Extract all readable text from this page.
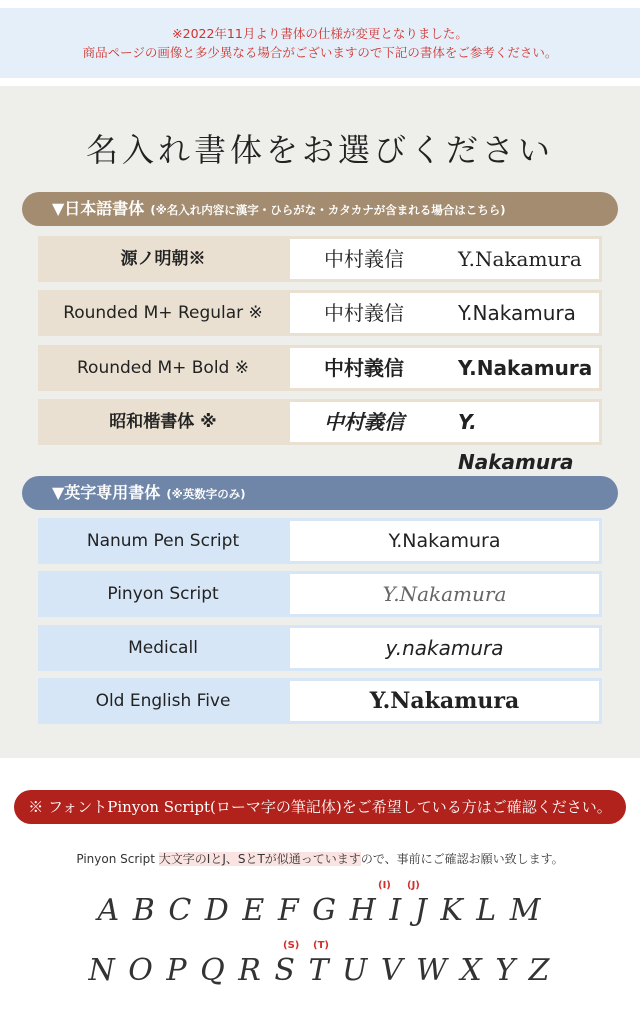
※2022年11月より書体の仕様が変更となりました。
商品ページの画像と多少異なる場合がございますので下記の書体をご参考ください。
名入れ書体をお選びください
▼日本語書体 (※名入れ内容に漢字・ひらがな・カタカナが含まれる場合はこちら)
源ノ明朝※	中村義信	Y.Nakamura
Rounded M+ Regular ※	中村義信	Y.Nakamura
Rounded M+ Bold ※	中村義信	Y.Nakamura
昭和楷書体 ※	中村義信	Y. Nakamura
▼英字専用書体 (※英数字のみ)
Nanum Pen Script	Y.Nakamura
Pinyon Script	Y.Nakamura
Medicall	y.nakamura
Old English Five	Y.Nakamura
※ フォントPinyon Script(ローマ字の筆記体)をご希望している方はご確認ください。
Pinyon Script 大文字のIとJ、SとTが似通っていますので、事前にご確認お願い致します。
(I) (J)
A B C D E F G H I J K L M
(S) (T)
N O P Q R S T U V W X Y Z
